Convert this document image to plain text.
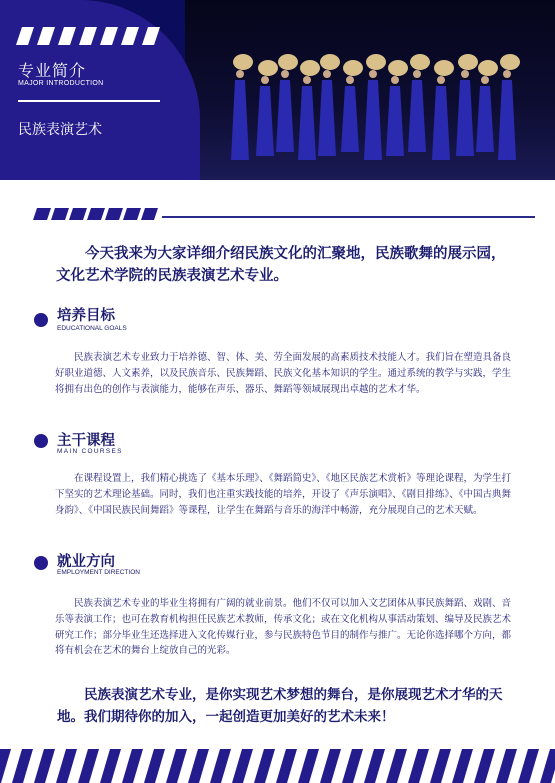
专业简介
MAJOR INTRODUCTION
民族表演艺术
今天我来为大家详细介绍民族文化的汇聚地，民族歌舞的展示园，文化艺术学院的民族表演艺术专业。
培养目标
EDUCATIONAL GOALS

民族表演艺术专业致力于培养德、智、体、美、劳全面发展的高素质技术技能人才。我们旨在塑造具备良好职业道德、人文素养，以及民族音乐、民族舞蹈、民族文化基本知识的学生。通过系统的教学与实践，学生将拥有出色的创作与表演能力，能够在声乐、器乐、舞蹈等领域展现出卓越的艺术才华。

主干课程
MAIN COURSES

在课程设置上，我们精心挑选了《基本乐理》、《舞蹈简史》、《地区民族艺术赏析》等理论课程，为学生打下坚实的艺术理论基础。同时，我们也注重实践技能的培养，开设了《声乐演唱》、《剧目排练》、《中国古典舞身韵》、《中国民族民间舞蹈》等课程，让学生在舞蹈与音乐的海洋中畅游，充分展现自己的艺术天赋。

就业方向
EMPLOYMENT DIRECTION

民族表演艺术专业的毕业生将拥有广阔的就业前景。他们不仅可以加入文艺团体从事民族舞蹈、戏剧、音乐等表演工作；也可在教育机构担任民族艺术教师，传承文化；或在文化机构从事活动策划、编导及民族艺术研究工作；部分毕业生还选择进入文化传媒行业，参与民族特色节目的制作与推广。无论你选择哪个方向，都将有机会在艺术的舞台上绽放自己的光彩。

民族表演艺术专业，是你实现艺术梦想的舞台，是你展现艺术才华的天地。我们期待你的加入，一起创造更加美好的艺术未来！
